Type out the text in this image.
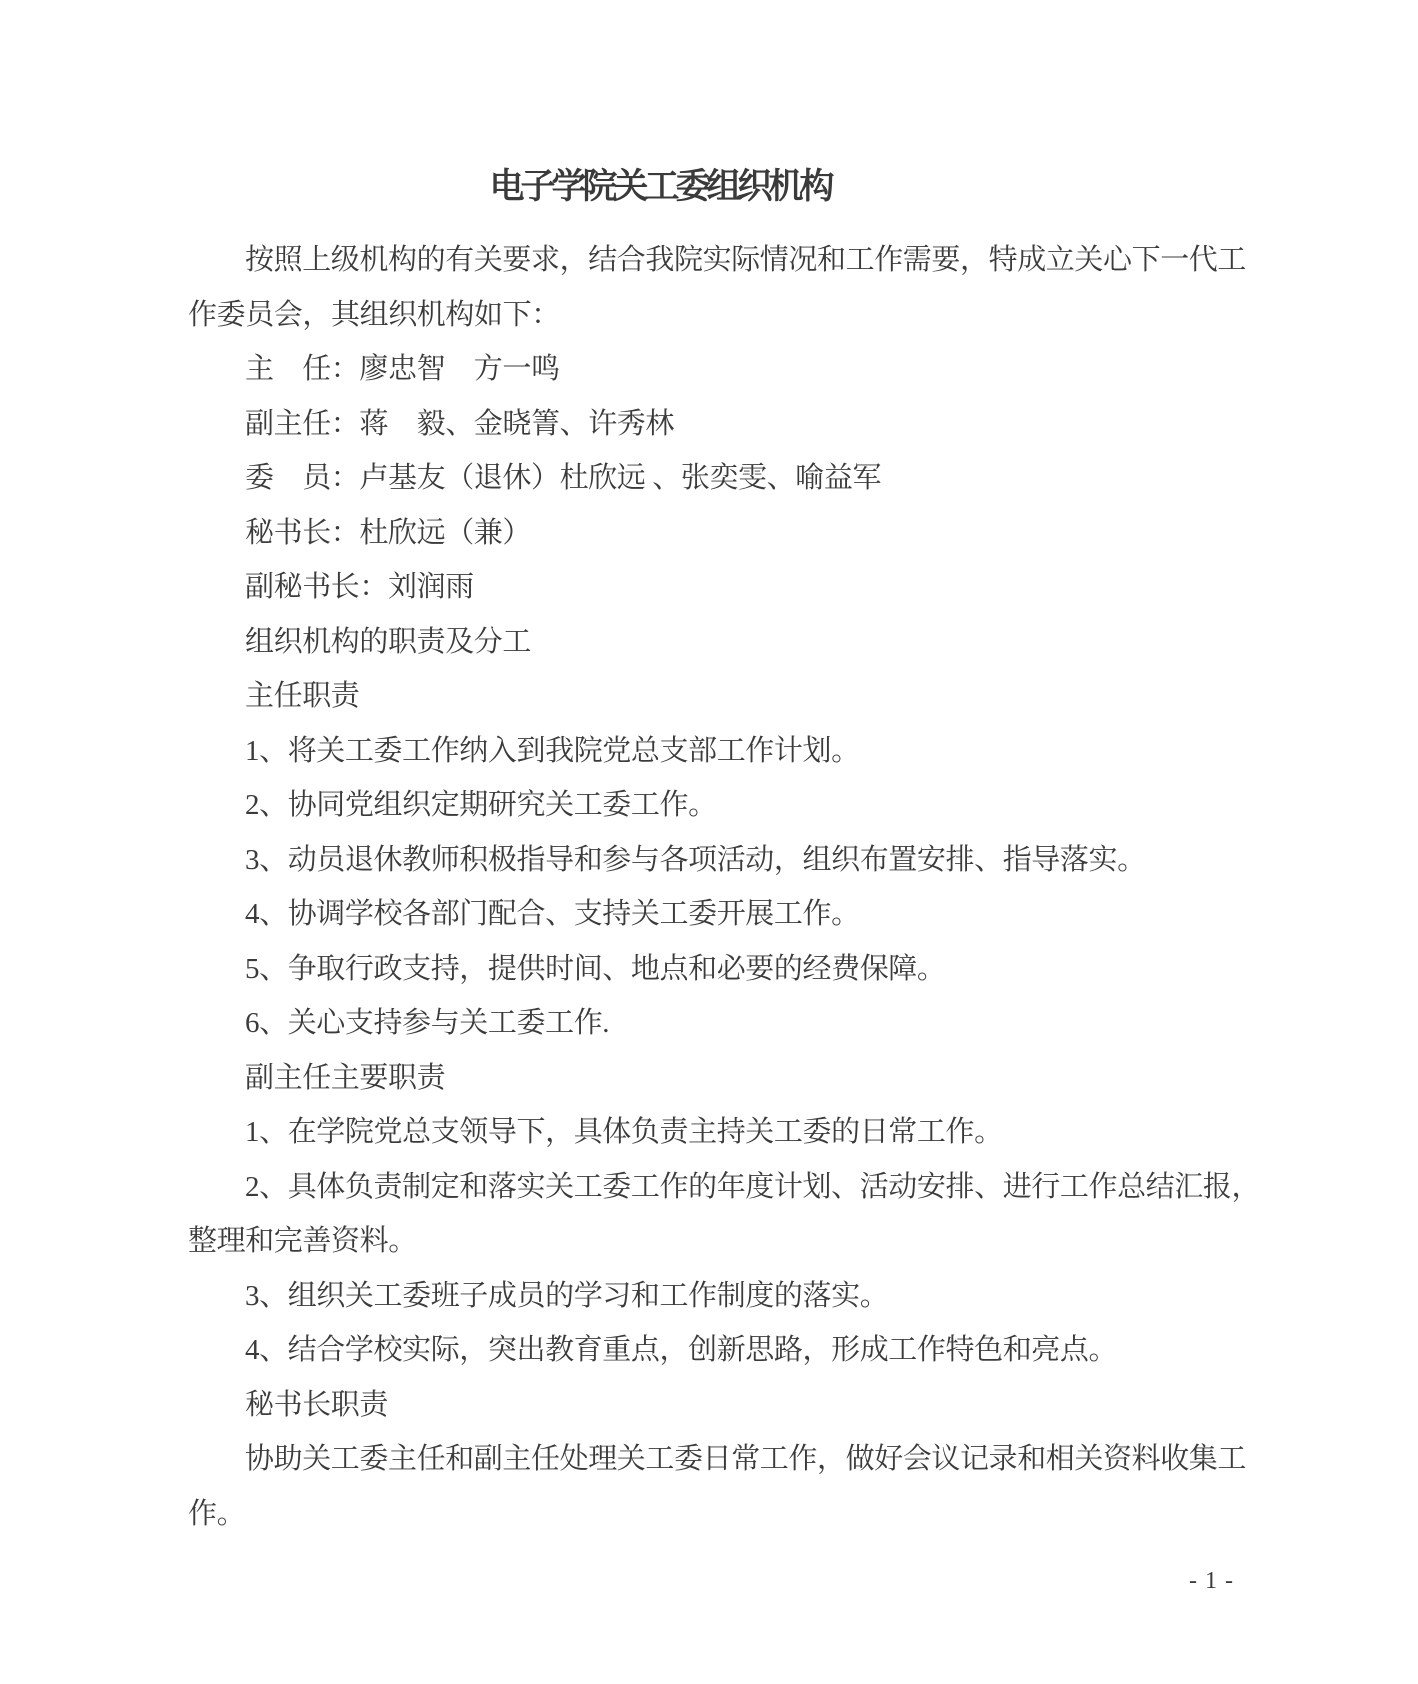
电子学院关工委组织机构
按照上级机构的有关要求，结合我院实际情况和工作需要，特成立关心下一代工
作委员会，其组织机构如下：
主　任：廖忠智　方一鸣
副主任：蒋　毅、金晓箐、许秀林
委　员：卢基友（退休）杜欣远 、张奕雯、喻益军
秘书长：杜欣远（兼）
副秘书长：刘润雨
组织机构的职责及分工
主任职责
1、将关工委工作纳入到我院党总支部工作计划。
2、协同党组织定期研究关工委工作。
3、动员退休教师积极指导和参与各项活动，组织布置安排、指导落实。
4、协调学校各部门配合、支持关工委开展工作。
5、争取行政支持，提供时间、地点和必要的经费保障。
6、关心支持参与关工委工作.
副主任主要职责
1、在学院党总支领导下，具体负责主持关工委的日常工作。
2、具体负责制定和落实关工委工作的年度计划、活动安排、进行工作总结汇报，
整理和完善资料。
3、组织关工委班子成员的学习和工作制度的落实。
4、结合学校实际，突出教育重点，创新思路，形成工作特色和亮点。
秘书长职责
协助关工委主任和副主任处理关工委日常工作，做好会议记录和相关资料收集工
作。
- 1 -
